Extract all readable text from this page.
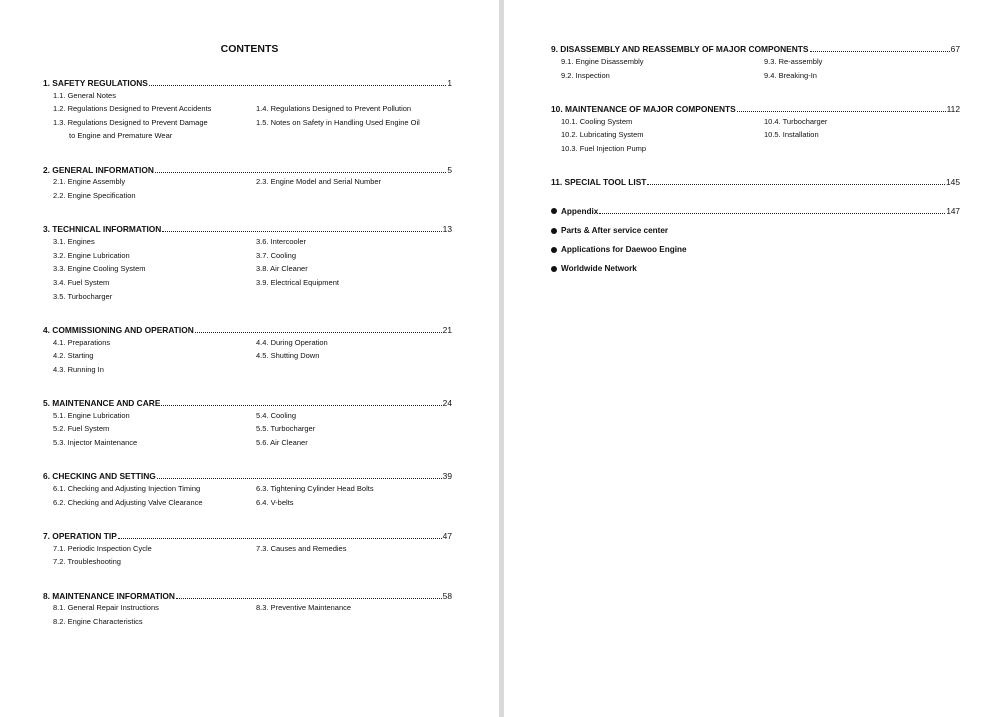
CONTENTS
1. SAFETY REGULATIONS	1
1.1. General Notes
1.2. Regulations Designed to Prevent Accidents
1.3. Regulations Designed to Prevent Damage
to Engine and Premature Wear
1.4. Regulations Designed to Prevent Pollution
1.5. Notes on Safety in Handling Used Engine Oil
2. GENERAL INFORMATION	5
2.1. Engine Assembly
2.2. Engine Specification
2.3. Engine Model and Serial Number
3. TECHNICAL INFORMATION	13
3.1. Engines
3.2. Engine Lubrication
3.3. Engine Cooling System
3.4. Fuel System
3.5. Turbocharger
3.6. Intercooler
3.7. Cooling
3.8. Air Cleaner
3.9. Electrical Equipment
4. COMMISSIONING AND OPERATION	21
4.1. Preparations
4.2. Starting
4.3. Running In
4.4. During Operation
4.5. Shutting Down
5. MAINTENANCE AND CARE	24
5.1. Engine Lubrication
5.2. Fuel System
5.3. Injector Maintenance
5.4. Cooling
5.5. Turbocharger
5.6. Air Cleaner
6. CHECKING AND SETTING	39
6.1. Checking and Adjusting Injection Timing
6.2. Checking and Adjusting Valve Clearance
6.3. Tightening Cylinder Head Bolts
6.4. V-belts
7. OPERATION TIP	47
7.1. Periodic Inspection Cycle
7.2. Troubleshooting
7.3. Causes and Remedies
8. MAINTENANCE INFORMATION	58
8.1. General Repair Instructions
8.2. Engine Characteristics
8.3. Preventive Maintenance
9. DISASSEMBLY AND REASSEMBLY OF MAJOR COMPONENTS	67
9.1. Engine Disassembly
9.2. Inspection
9.3. Re-assembly
9.4. Breaking-In
10. MAINTENANCE OF MAJOR COMPONENTS	112
10.1. Cooling System
10.2. Lubricating System
10.3. Fuel Injection Pump
10.4. Turbocharger
10.5. Installation
11. SPECIAL TOOL LIST	145
Appendix	147
Parts & After service center
Applications for Daewoo Engine
Worldwide Network
